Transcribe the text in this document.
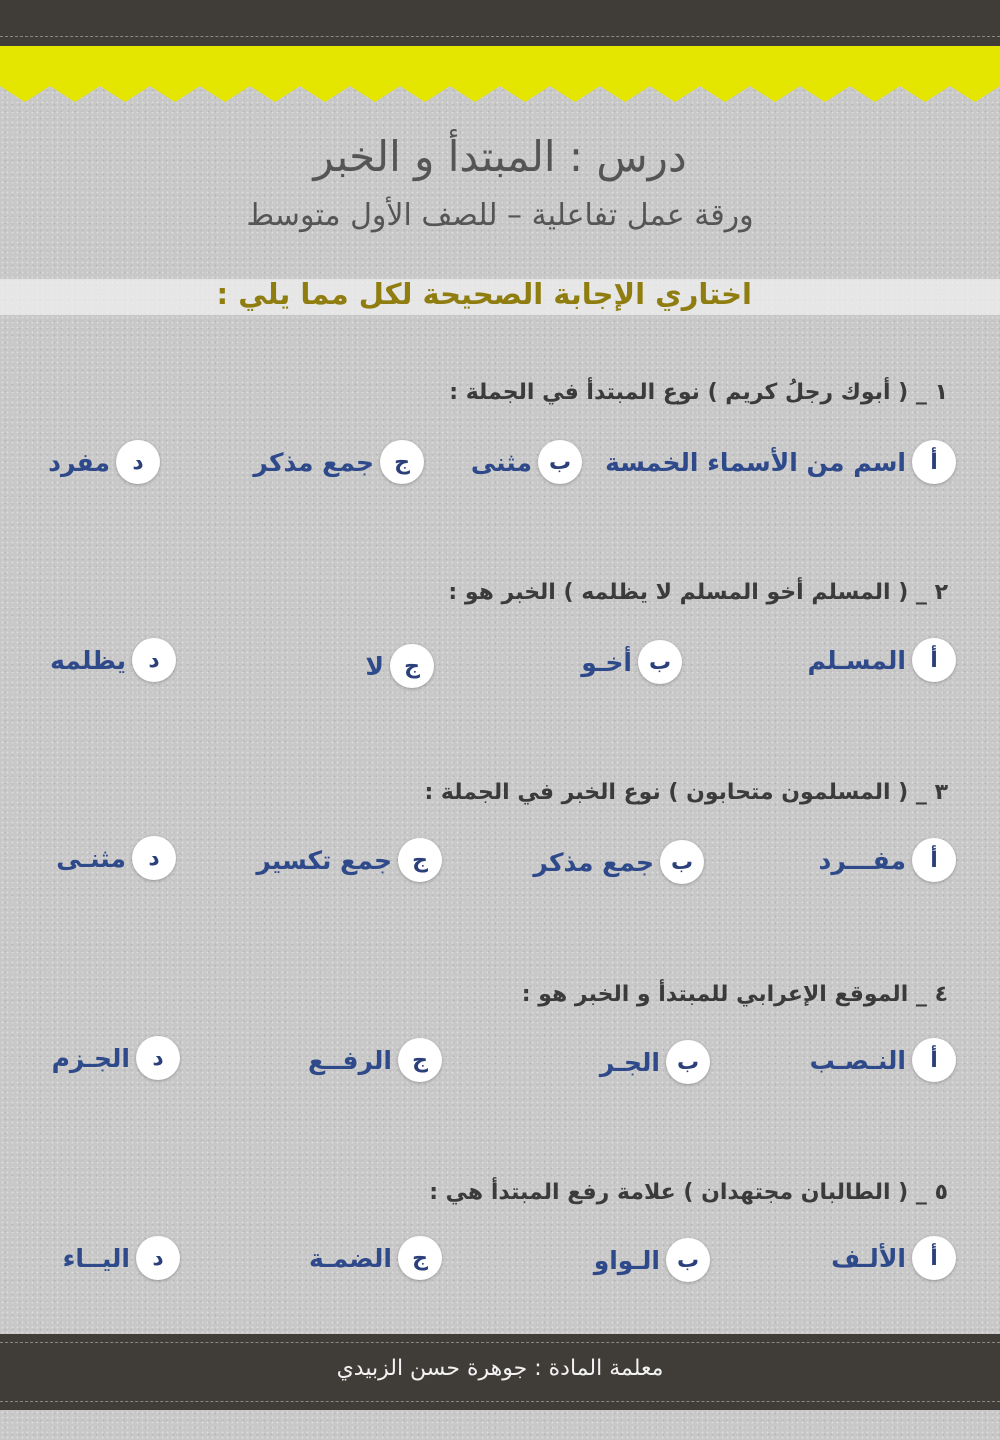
درس : المبتدأ و الخبر
ورقة عمل تفاعلية – للصف الأول متوسط
اختاري الإجابة الصحيحة لكل مما يلي :
١ _ ( أبوك رجلُ كريم ) نوع المبتدأ في الجملة :
أ
اسم من الأسماء الخمسة
ب
مثنى
ج
جمع مذكر
د
مفرد
٢ _ ( المسلم أخو المسلم لا يظلمه ) الخبر هو :
أ
المسـلم
ب
أخـو
ج
لا
د
يظلمه
٣ _ ( المسلمون متحابون ) نوع الخبر في الجملة :
أ
مفـــرد
ب
جمع مذكر
ج
جمع تكسير
د
مثنـى
٤ _ الموقع الإعرابي للمبتدأ و الخبر هو :
أ
النـصـب
ب
الجـر
ج
الرفــع
د
الجـزم
٥ _ ( الطالبان مجتهدان ) علامة رفع المبتدأ هي :
أ
الألـف
ب
الـواو
ج
الضمـة
د
اليــاء
معلمة المادة : جوهرة حسن الزبيدي
